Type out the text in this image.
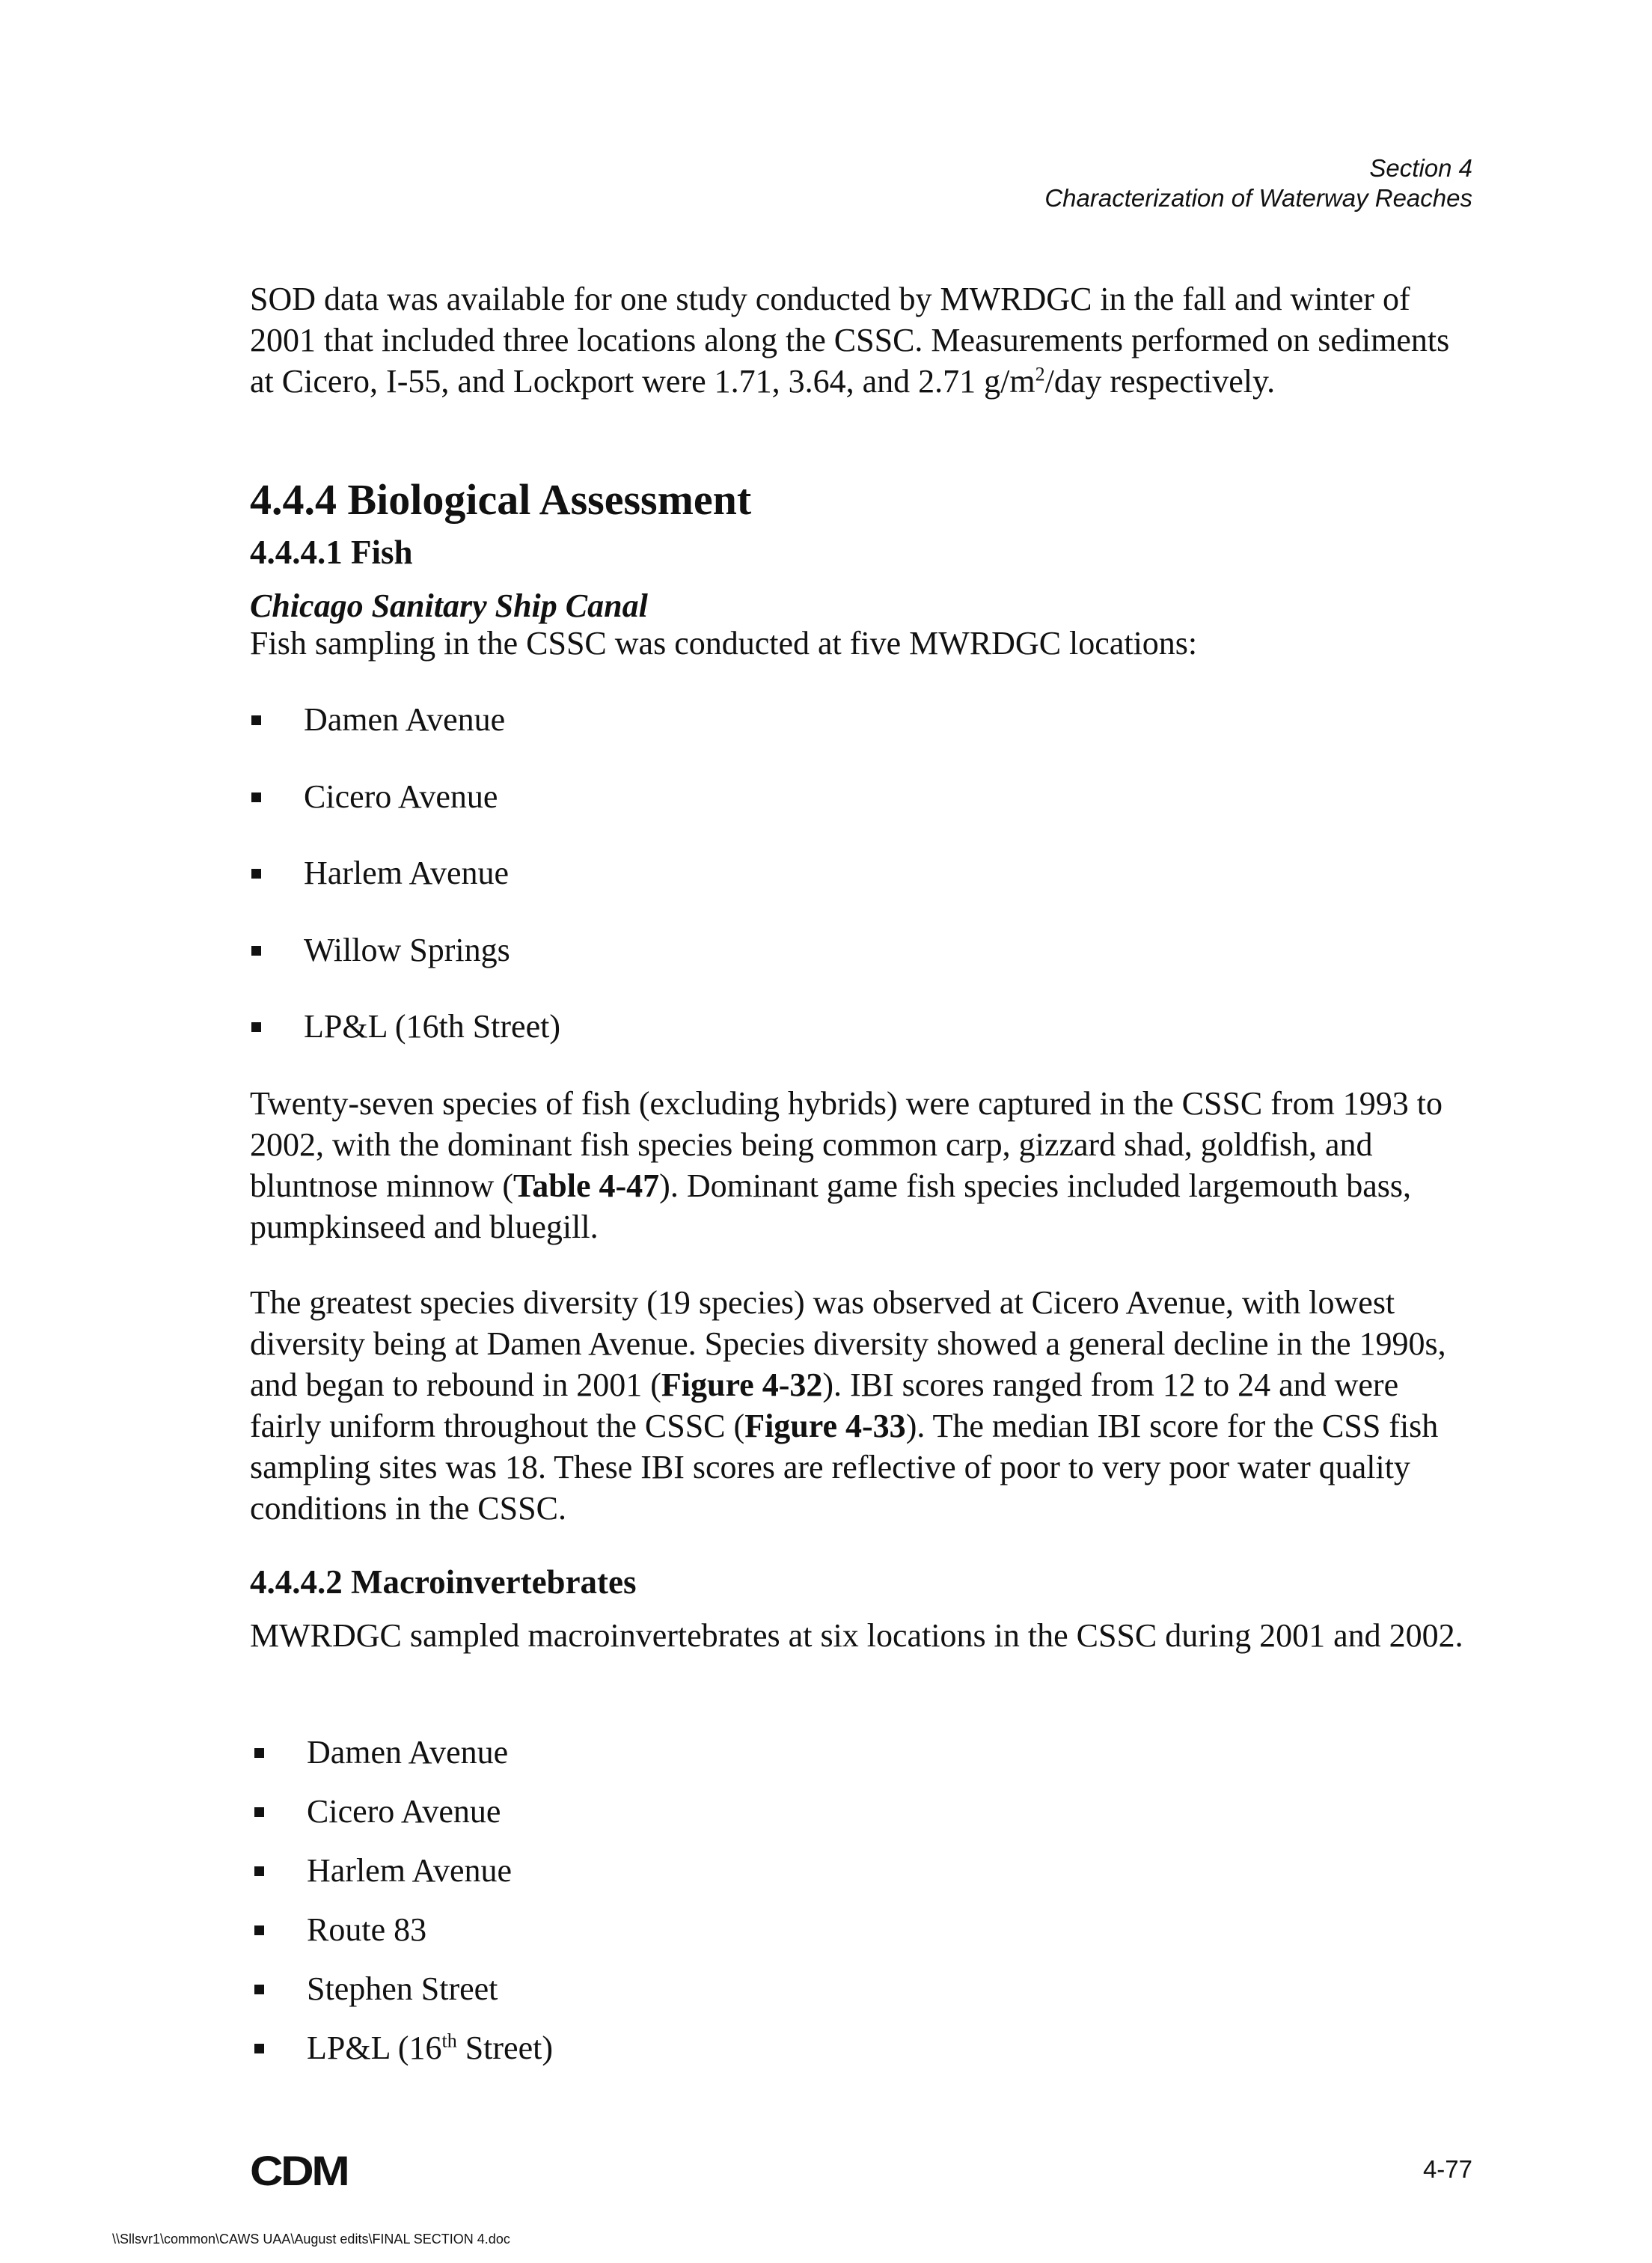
Section 4
Characterization of Waterway Reaches
SOD data was available for one study conducted by MWRDGC in the fall and winter of 2001 that included three locations along the CSSC. Measurements performed on sediments at Cicero, I-55, and Lockport were 1.71, 3.64, and 2.71 $g/m^2$/day respectively.
4.4.4 Biological Assessment
4.4.4.1 Fish
Chicago Sanitary Ship Canal
Fish sampling in the CSSC was conducted at five MWRDGC locations:
Damen Avenue
Cicero Avenue
Harlem Avenue
Willow Springs
LP&L (16th Street)
Twenty-seven species of fish (excluding hybrids) were captured in the CSSC from 1993 to 2002, with the dominant fish species being common carp, gizzard shad, goldfish, and bluntnose minnow (Table 4-47). Dominant game fish species included largemouth bass, pumpkinseed and bluegill.
The greatest species diversity (19 species) was observed at Cicero Avenue, with lowest diversity being at Damen Avenue. Species diversity showed a general decline in the 1990s, and began to rebound in 2001 (Figure 4-32). IBI scores ranged from 12 to 24 and were fairly uniform throughout the CSSC (Figure 4-33). The median IBI score for the CSS fish sampling sites was 18. These IBI scores are reflective of poor to very poor water quality conditions in the CSSC.
4.4.4.2 Macroinvertebrates
MWRDGC sampled macroinvertebrates at six locations in the CSSC during 2001 and 2002.
Damen Avenue
Cicero Avenue
Harlem Avenue
Route 83
Stephen Street
LP&L (16th Street)
CDM	4-77
\\Sllsvr1\common\CAWS UAA\August edits\FINAL SECTION 4.doc
